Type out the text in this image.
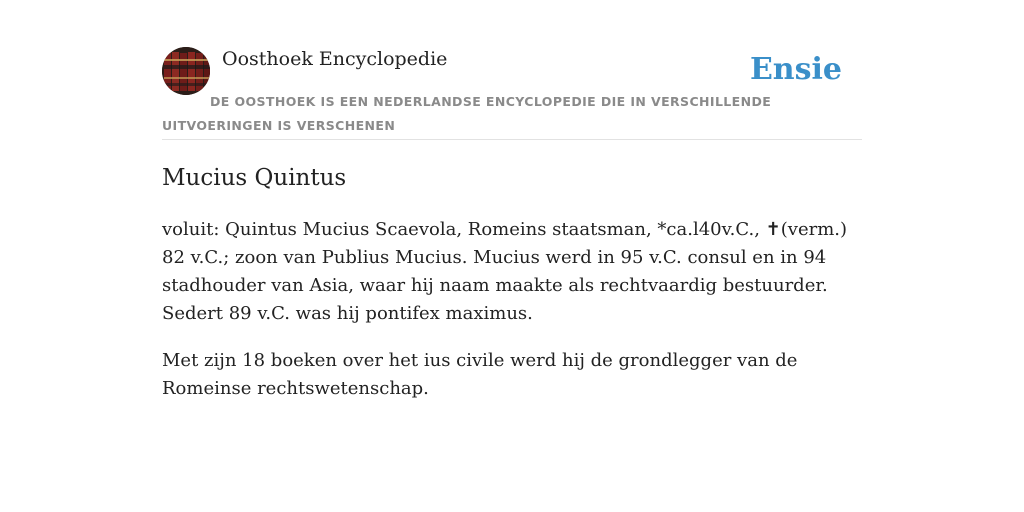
Oosthoek Encyclopedie	Ensie
DE OOSTHOEK IS EEN NEDERLANDSE ENCYCLOPEDIE DIE IN VERSCHILLENDE UITVOERINGEN IS VERSCHENEN
Mucius Quintus

voluit: Quintus Mucius Scaevola, Romeins staatsman, *ca.l40v.C., ✝(verm.) 82 v.C.; zoon van Publius Mucius. Mucius werd in 95 v.C. consul en in 94 stadhouder van Asia, waar hij naam maakte als rechtvaardig bestuurder. Sedert 89 v.C. was hij pontifex maximus.

Met zijn 18 boeken over het ius civile werd hij de grondlegger van de Romeinse rechtswetenschap.
